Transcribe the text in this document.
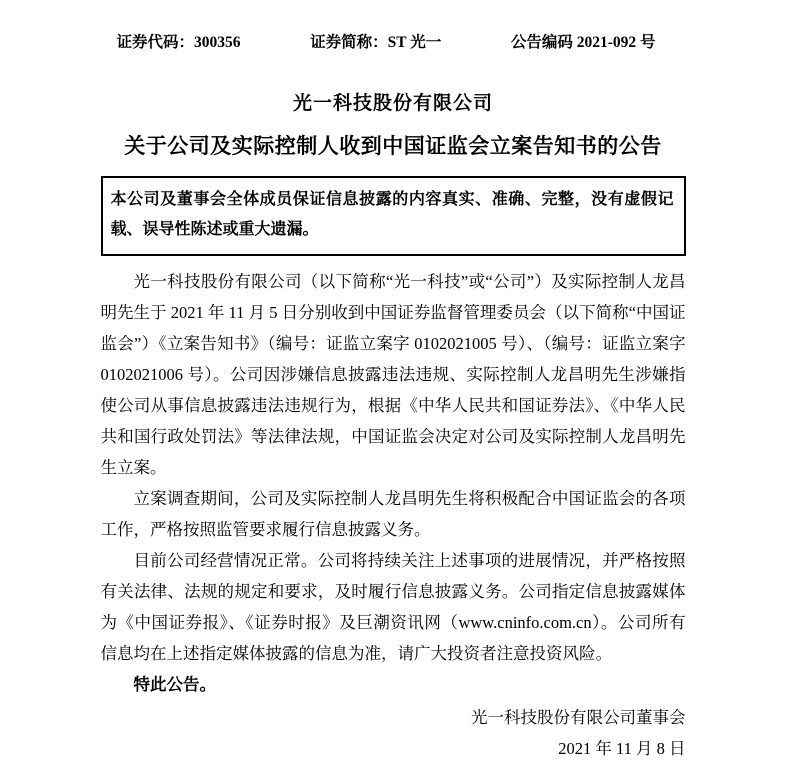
证券代码：300356	证券简称：ST 光一	公告编码 2021-092 号
光一科技股份有限公司
关于公司及实际控制人收到中国证监会立案告知书的公告
本公司及董事会全体成员保证信息披露的内容真实、准确、完整，没有虚假记载、误导性陈述或重大遗漏。

光一科技股份有限公司（以下简称“光一科技”或“公司”）及实际控制人龙昌明先生于 2021 年 11 月 5 日分别收到中国证券监督管理委员会（以下简称“中国证监会”）《立案告知书》（编号：证监立案字 0102021005 号）、（编号：证监立案字 0102021006 号）。公司因涉嫌信息披露违法违规、实际控制人龙昌明先生涉嫌指使公司从事信息披露违法违规行为，根据《中华人民共和国证券法》、《中华人民共和国行政处罚法》等法律法规，中国证监会决定对公司及实际控制人龙昌明先生立案。

立案调查期间，公司及实际控制人龙昌明先生将积极配合中国证监会的各项工作，严格按照监管要求履行信息披露义务。

目前公司经营情况正常。公司将持续关注上述事项的进展情况，并严格按照有关法律、法规的规定和要求，及时履行信息披露义务。公司指定信息披露媒体为《中国证券报》、《证券时报》及巨潮资讯网（www.cninfo.com.cn）。公司所有信息均在上述指定媒体披露的信息为准，请广大投资者注意投资风险。

特此公告。

光一科技股份有限公司董事会
2021 年 11 月 8 日
